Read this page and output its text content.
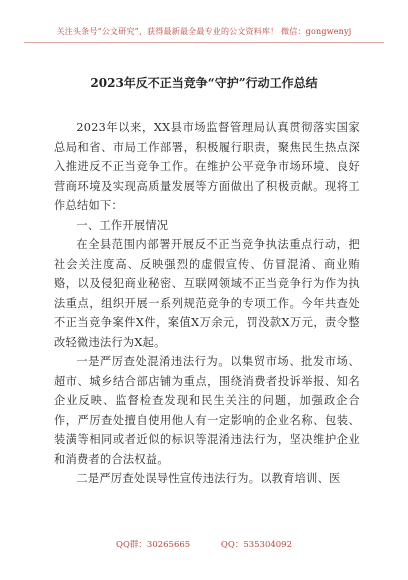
关注头条号“公文研究”，获得最新最全最专业的公文资料库！ 微信：gongwenyj
2023年反不正当竞争“守护”行动工作总结

2023年以来，XX县市场监督管理局认真贯彻落实国家总局和省、市局工作部署，积极履行职责，聚焦民生热点深入推进反不正当竞争工作。在维护公平竞争市场环境、良好营商环境及实现高质量发展等方面做出了积极贡献。现将工作总结如下：

一、工作开展情况

在全县范围内部署开展反不正当竞争执法重点行动，把社会关注度高、反映强烈的虚假宣传、仿冒混淆、商业贿赂，以及侵犯商业秘密、互联网领域不正当竞争行为作为执法重点，组织开展一系列规范竞争的专项工作。今年共查处不正当竞争案件X件，案值X万余元，罚没款X万元，责令整改轻微违法行为X起。

一是严厉查处混淆违法行为。以集贸市场、批发市场、超市、城乡结合部店铺为重点，围绕消费者投诉举报、知名企业反映、监督检查发现和民生关注的问题，加强政企合作，严厉查处擅自使用他人有一定影响的企业名称、包装、装潢等相同或者近似的标识等混淆违法行为，坚决维护企业和消费者的合法权益。

二是严厉查处误导性宣传违法行为。以教育培训、医

QQ群：30265665	QQ：535304092
